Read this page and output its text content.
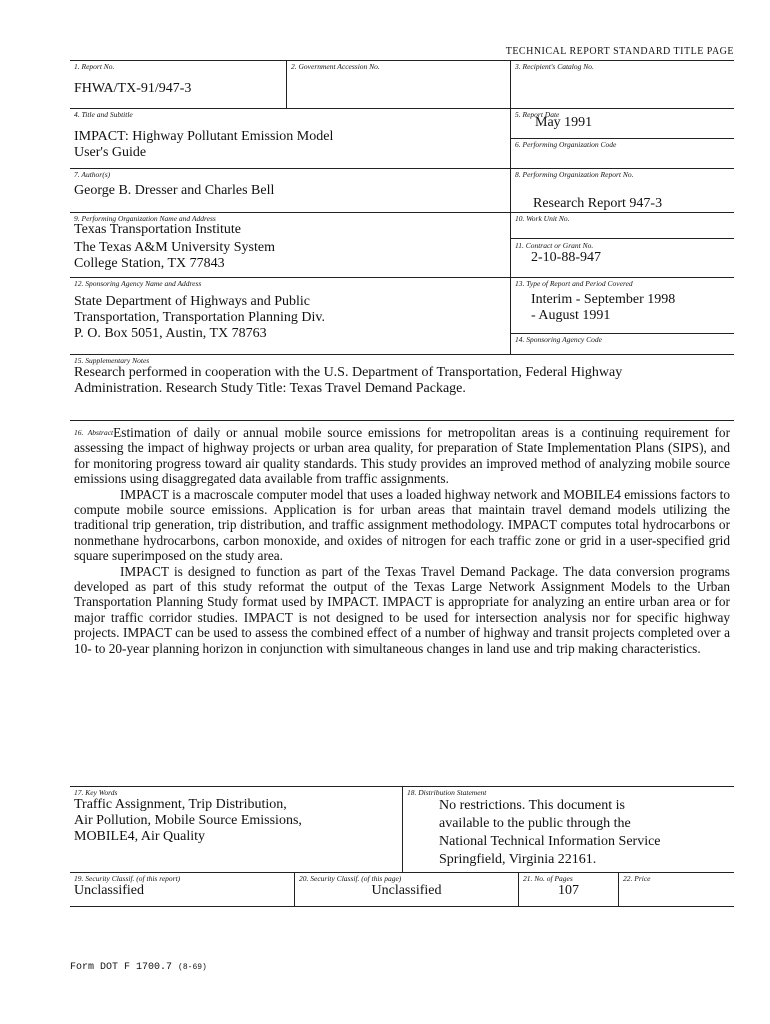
TECHNICAL REPORT STANDARD TITLE PAGE
1. Report No.
FHWA/TX-91/947-3
2. Government Accession No.	3. Recipient's Catalog No.
4. Title and Subtitle
IMPACT: Highway Pollutant Emission Model
User's Guide
5. Report Date
May 1991
6. Performing Organization Code
7. Author(s)
George B. Dresser and Charles Bell
8. Performing Organization Report No.
Research Report 947-3
9. Performing Organization Name and Address
Texas Transportation Institute
The Texas A&M University System
College Station, TX 77843
10. Work Unit No.
11. Contract or Grant No.
2-10-88-947
12. Sponsoring Agency Name and Address
State Department of Highways and Public
Transportation, Transportation Planning Div.
P. O. Box 5051, Austin, TX 78763
13. Type of Report and Period Covered
Interim - September 1998
- August 1991
14. Sponsoring Agency Code
15. Supplementary Notes
Research performed in cooperation with the U.S. Department of Transportation, Federal Highway
Administration. Research Study Title: Texas Travel Demand Package.

$^{16. Abstract}$Estimation of daily or annual mobile source emissions for metropolitan areas is a continuing requirement for assessing the impact of highway projects or urban area quality, for preparation of State Implementation Plans (SIPS), and for monitoring progress toward air quality standards. This study provides an improved method of analyzing mobile source emissions using disaggregated data available from traffic assignments.

IMPACT is a macroscale computer model that uses a loaded highway network and MOBILE4 emissions factors to compute mobile source emissions. Application is for urban areas that maintain travel demand models utilizing the traditional trip generation, trip distribution, and traffic assignment methodology. IMPACT computes total hydrocarbons or nonmethane hydrocarbons, carbon monoxide, and oxides of nitrogen for each traffic zone or grid in a user-specified grid square superimposed on the study area.

IMPACT is designed to function as part of the Texas Travel Demand Package. The data conversion programs developed as part of this study reformat the output of the Texas Large Network Assignment Models to the Urban Transportation Planning Study format used by IMPACT. IMPACT is appropriate for analyzing an entire urban area or for major traffic corridor studies. IMPACT is not designed to be used for intersection analysis nor for specific highway projects. IMPACT can be used to assess the combined effect of a number of highway and transit projects completed over a 10- to 20-year planning horizon in conjunction with simultaneous changes in land use and trip making characteristics.

17. Key Words
Traffic Assignment, Trip Distribution,
Air Pollution, Mobile Source Emissions,
MOBILE4, Air Quality
18. Distribution Statement
No restrictions. This document is
available to the public through the
National Technical Information Service
Springfield, Virginia 22161.
19. Security Classif. (of this report)
Unclassified
20. Security Classif. (of this page)
Unclassified
21. No. of Pages
107
22. Price
Form DOT F 1700.7 (8-69)
